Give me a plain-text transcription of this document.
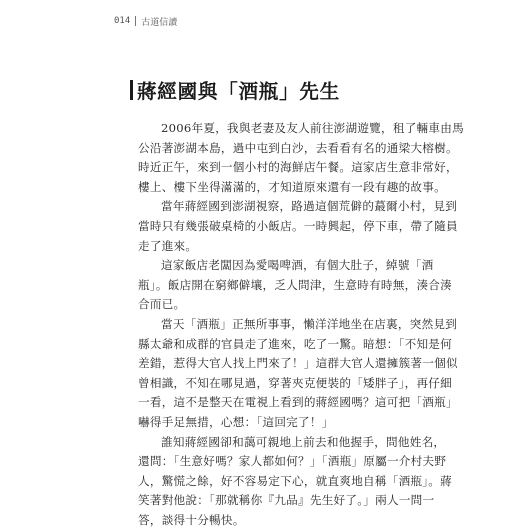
014 古道信讀
蔣經國與「酒瓶」先生
2006年夏，我與老妻及友人前往澎湖遊覽，租了輛車由馬
公沿著澎湖本島，過中屯到白沙，去看看有名的通梁大榕樹。
時近正午，來到一個小村的海鮮店午餐。這家店生意非常好，
樓上、樓下坐得滿滿的，才知道原來還有一段有趣的故事。
當年蔣經國到澎湖視察，路過這個荒僻的蕞爾小村，見到
當時只有幾張破桌椅的小飯店。一時興起，停下車，帶了隨員
走了進來。
這家飯店老闆因為愛喝啤酒，有個大肚子，綽號「酒
瓶」。飯店開在窮鄉僻壤，乏人問津，生意時有時無，湊合湊
合而已。
當天「酒瓶」正無所事事，懶洋洋地坐在店裏，突然見到
縣太爺和成群的官員走了進來，吃了一驚。暗想：「不知是何
差錯，惹得大官人找上門來了！」這群大官人還擁簇著一個似
曾相識，不知在哪見過，穿著夾克便裝的「矮胖子」，再仔細
一看，這不是整天在電視上看到的蔣經國嗎？這可把「酒瓶」
嚇得手足無措，心想：「這回完了！」
誰知蔣經國卻和藹可親地上前去和他握手，問他姓名，
還問：「生意好嗎？家人都如何？」「酒瓶」原屬一介村夫野
人，驚慌之餘，好不容易定下心，就直爽地自稱「酒瓶」。蔣
笑著對他說：「那就稱你『九品』先生好了。」兩人一問一
答，談得十分暢快。
